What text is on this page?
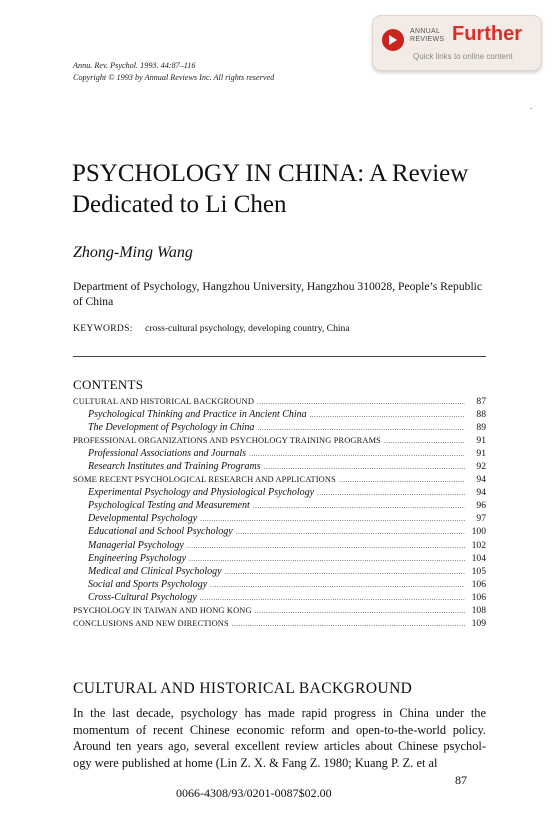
ANNUAL
REVIEWS Further
Quick links to online content
Annu. Rev. Psychol. 1993. 44:87–116
Copyright © 1993 by Annual Reviews Inc. All rights reserved
PSYCHOLOGY IN CHINA: A Review
Dedicated to Li Chen
Zhong-Ming Wang
Department of Psychology, Hangzhou University, Hangzhou 310028, People’s Republic of China
KEYWORDS: cross-cultural psychology, developing country, China
CONTENTS
CULTURAL AND HISTORICAL BACKGROUND .....	87
Psychological Thinking and Practice in Ancient China .....	88
The Development of Psychology in China .....	89
PROFESSIONAL ORGANIZATIONS AND PSYCHOLOGY TRAINING PROGRAMS .....	91
Professional Associations and Journals .....	91
Research Institutes and Training Programs .....	92
SOME RECENT PSYCHOLOGICAL RESEARCH AND APPLICATIONS .....	94
Experimental Psychology and Physiological Psychology .....	94
Psychological Testing and Measurement .....	96
Developmental Psychology .....	97
Educational and School Psychology .....	100
Managerial Psychology .....	102
Engineering Psychology .....	104
Medical and Clinical Psychology .....	105
Social and Sports Psychology .....	106
Cross-Cultural Psychology .....	106
PSYCHOLOGY IN TAIWAN AND HONG KONG .....	108
CONCLUSIONS AND NEW DIRECTIONS .....	109
CULTURAL AND HISTORICAL BACKGROUND
In the last decade, psychology has made rapid progress in China under the
momentum of recent Chinese economic reform and open-to-the-world policy.
Around ten years ago, several excellent review articles about Chinese psychol-
ogy were published at home (Lin Z. X. & Fang Z. 1980; Kuang P. Z. et al
87
0066-4308/93/0201-0087$02.00
